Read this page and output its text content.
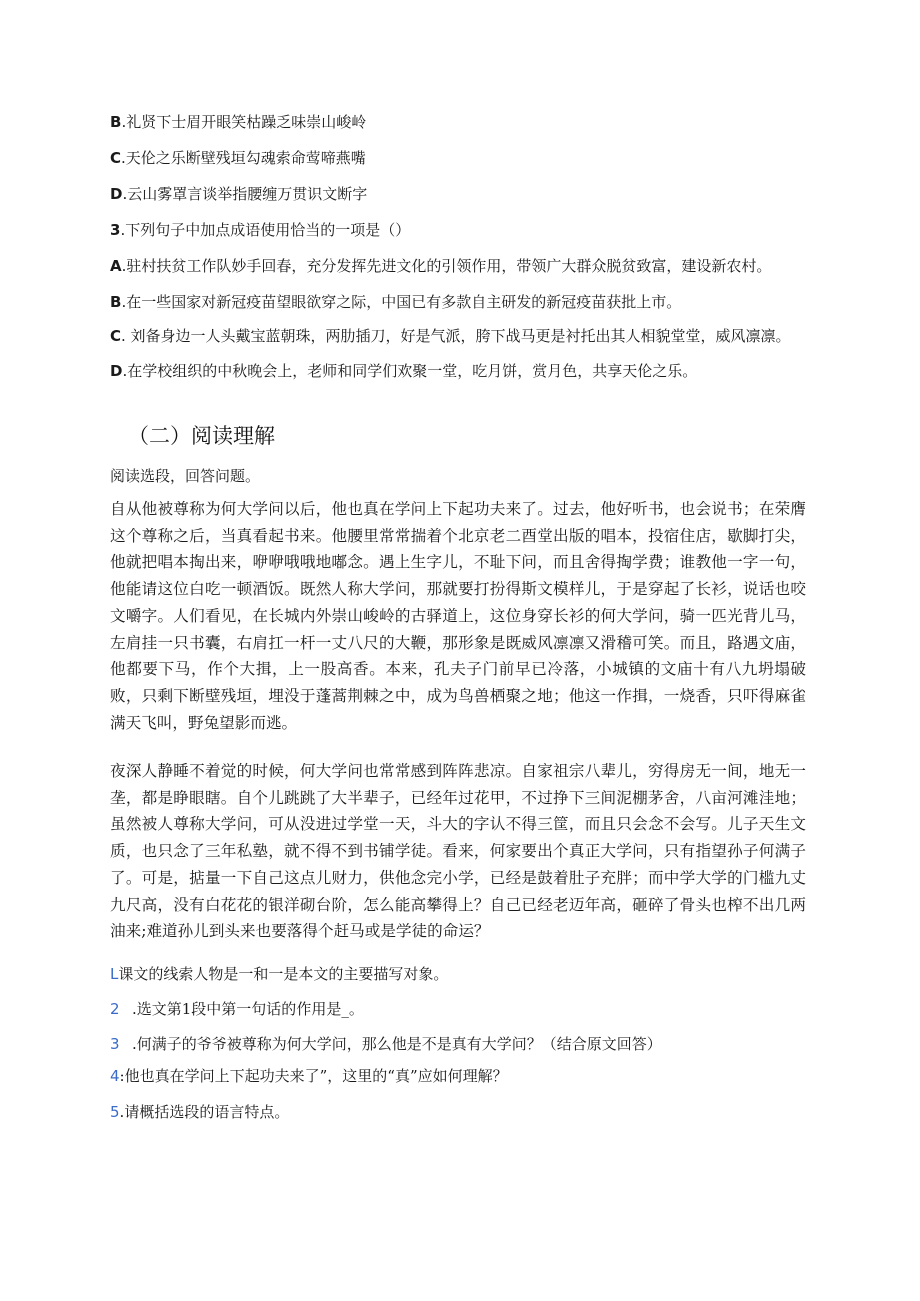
B.礼贤下士眉开眼笑枯躁乏味崇山峻岭
C.天伦之乐断壁残垣勾魂索命莺啼燕嘴
D.云山雾罩言谈举指腰缠万贯识文断字
3.下列句子中加点成语使用恰当的一项是（）
A.驻村扶贫工作队妙手回春，充分发挥先进文化的引领作用，带领广大群众脱贫致富，建设新农村。
B.在一些国家对新冠疫苗望眼欲穿之际，中国已有多款自主研发的新冠疫苗获批上市。
C. 刘备身边一人头戴宝蓝朝珠，两肋插刀，好是气派，胯下战马更是衬托出其人相貌堂堂，威风凛凛。
D.在学校组织的中秋晚会上，老师和同学们欢聚一堂，吃月饼，赏月色，共享天伦之乐。
（二）阅读理解
阅读选段，回答问题。
自从他被尊称为何大学问以后，他也真在学问上下起功夫来了。过去，他好听书，也会说书；在荣膺这个尊称之后，当真看起书来。他腰里常常揣着个北京老二酉堂出版的唱本，投宿住店，歇脚打尖，他就把唱本掏出来，咿咿哦哦地嘟念。遇上生字儿，不耻下问，而且舍得掏学费；谁教他一字一句，他能请这位白吃一顿酒饭。既然人称大学问，那就要打扮得斯文模样儿，于是穿起了长衫，说话也咬文嚼字。人们看见，在长城内外崇山峻岭的古驿道上，这位身穿长衫的何大学问，骑一匹光背儿马，左肩挂一只书囊，右肩扛一杆一丈八尺的大鞭，那形象是既威风凛凛又滑稽可笑。而且，路遇文庙，他都要下马，作个大揖，上一股高香。本来，孔夫子门前早已冷落，小城镇的文庙十有八九坍塌破败，只剩下断壁残垣，埋没于蓬蒿荆棘之中，成为鸟兽栖聚之地；他这一作揖，一烧香，只吓得麻雀满天飞叫，野兔望影而逃。
夜深人静睡不着觉的时候，何大学问也常常感到阵阵悲凉。自家祖宗八辈儿，穷得房无一间，地无一垄，都是睁眼瞎。自个儿跳跳了大半辈子，已经年过花甲，不过挣下三间泥棚茅舍，八亩河滩洼地；虽然被人尊称大学问，可从没进过学堂一天，斗大的字认不得三筐，而且只会念不会写。儿子天生文质，也只念了三年私塾，就不得不到书铺学徒。看来，何家要出个真正大学问，只有指望孙子何满子了。可是，掂量一下自己这点儿财力，供他念完小学，已经是鼓着肚子充胖；而中学大学的门槛九丈九尺高，没有白花花的银洋砌台阶，怎么能高攀得上？自己已经老迈年高，砸碎了骨头也榨不出几两油来;难道孙儿到头来也要落得个赶马或是学徒的命运？
L课文的线索人物是一和一是本文的主要描写对象。
2 .选文第1段中第一句话的作用是_。
3 .何满子的爷爷被尊称为何大学问，那么他是不是真有大学问？（结合原文回答）
4:他也真在学问上下起功夫来了”，这里的“真”应如何理解？
5.请概括选段的语言特点。
